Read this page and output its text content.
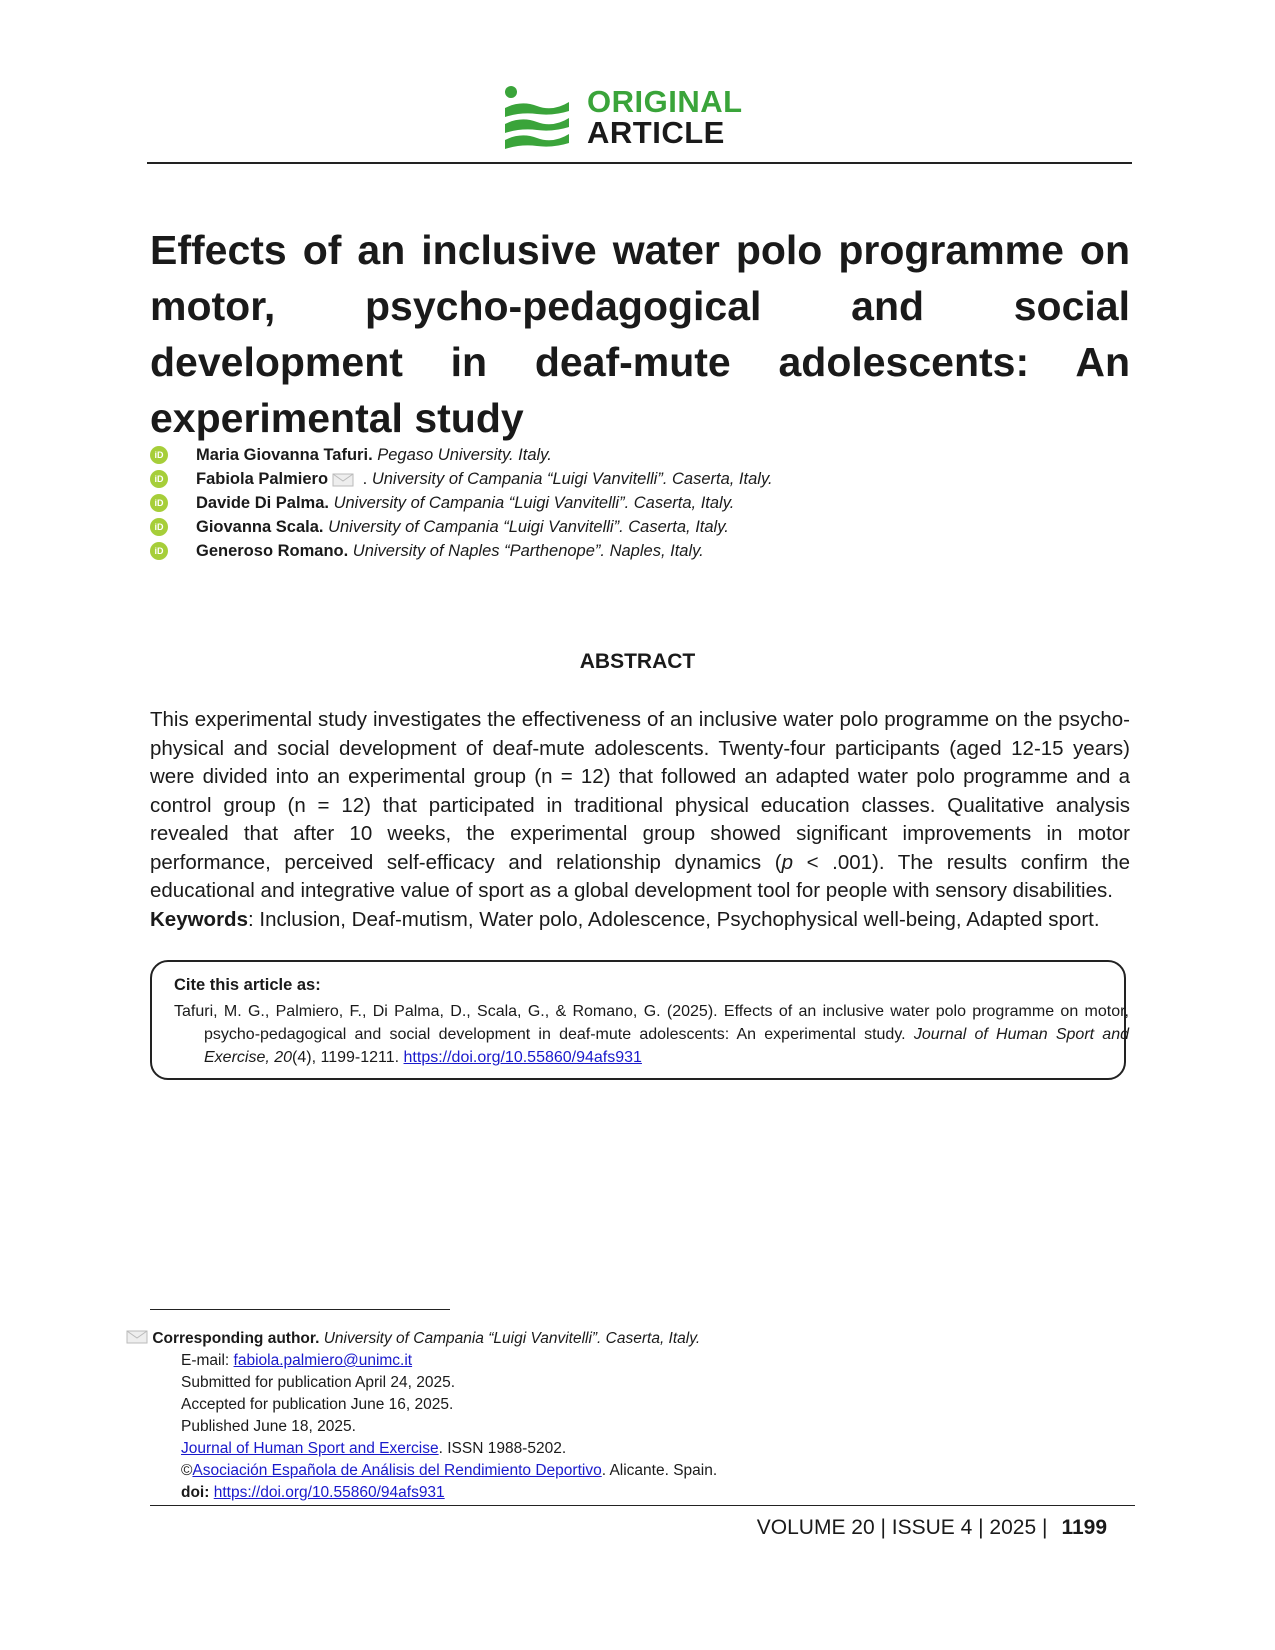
ORIGINAL
ARTICLE
Effects of an inclusive water polo programme on motor, psycho-pedagogical and social development in deaf-mute adolescents: An experimental study
iD Maria Giovanna Tafuri. Pegaso University. Italy.
iD Fabiola Palmiero . University of Campania “Luigi Vanvitelli”. Caserta, Italy.
iD Davide Di Palma. University of Campania “Luigi Vanvitelli”. Caserta, Italy.
iD Giovanna Scala. University of Campania “Luigi Vanvitelli”. Caserta, Italy.
iD Generoso Romano. University of Naples “Parthenope”. Naples, Italy.
ABSTRACT
This experimental study investigates the effectiveness of an inclusive water polo programme on the psycho-physical and social development of deaf-mute adolescents. Twenty-four participants (aged 12-15 years) were divided into an experimental group (n = 12) that followed an adapted water polo programme and a control group (n = 12) that participated in traditional physical education classes. Qualitative analysis revealed that after 10 weeks, the experimental group showed significant improvements in motor performance, perceived self-efficacy and relationship dynamics (p < .001). The results confirm the educational and integrative value of sport as a global development tool for people with sensory disabilities.
Keywords: Inclusion, Deaf-mutism, Water polo, Adolescence, Psychophysical well-being, Adapted sport.
Cite this article as:
Tafuri, M. G., Palmiero, F., Di Palma, D., Scala, G., & Romano, G. (2025). Effects of an inclusive water polo programme on motor, psycho-pedagogical and social development in deaf-mute adolescents: An experimental study. Journal of Human Sport and Exercise, 20(4), 1199-1211. https://doi.org/10.55860/94afs931
Corresponding author. University of Campania “Luigi Vanvitelli”. Caserta, Italy.
E-mail: fabiola.palmiero@unimc.it
Submitted for publication April 24, 2025.
Accepted for publication June 16, 2025.
Published June 18, 2025.
Journal of Human Sport and Exercise. ISSN 1988-5202.
©Asociación Española de Análisis del Rendimiento Deportivo. Alicante. Spain.
doi: https://doi.org/10.55860/94afs931
VOLUME 20 | ISSUE 4 | 2025 | 1199
